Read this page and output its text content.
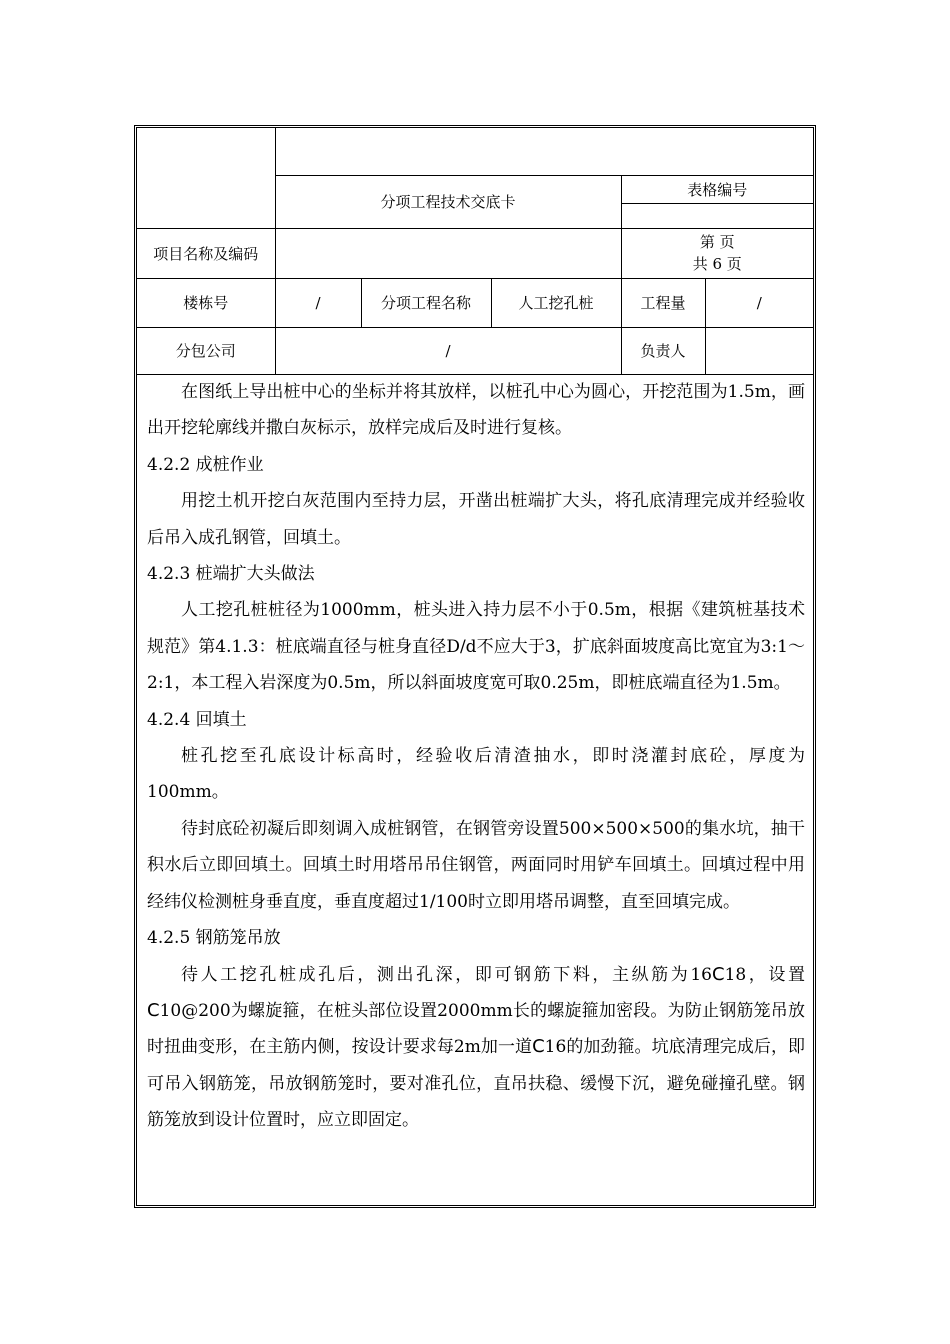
	分项工程技术交底卡			表格编号	

项目名称及编码				第 页
共 6 页	

楼栋号	/	分项工程名称	人工挖孔桩	工程量	/
分包公司	/			负责人	

在图纸上导出桩中心的坐标并将其放样，以桩孔中心为圆心，开挖范围为1.5m，画出开挖轮廓线并撒白灰标示，放样完成后及时进行复核。

4.2.2 成桩作业

用挖土机开挖白灰范围内至持力层，开凿出桩端扩大头，将孔底清理完成并经验收后吊入成孔钢管，回填土。

4.2.3 桩端扩大头做法

人工挖孔桩桩径为1000mm，桩头进入持力层不小于0.5m，根据《建筑桩基技术规范》第4.1.3：桩底端直径与桩身直径D/d不应大于3，扩底斜面坡度高比宽宜为3:1～2:1，本工程入岩深度为0.5m，所以斜面坡度宽可取0.25m，即桩底端直径为1.5m。

4.2.4 回填土

桩孔挖至孔底设计标高时，经验收后清渣抽水，即时浇灌封底砼，厚度为100mm。

待封底砼初凝后即刻调入成桩钢管，在钢管旁设置500×500×500的集水坑，抽干积水后立即回填土。回填土时用塔吊吊住钢管，两面同时用铲车回填土。回填过程中用经纬仪检测桩身垂直度，垂直度超过1/100时立即用塔吊调整，直至回填完成。

4.2.5 钢筋笼吊放

待人工挖孔桩成孔后，测出孔深，即可钢筋下料，主纵筋为16C18，设置C10@200为螺旋箍，在桩头部位设置2000mm长的螺旋箍加密段。为防止钢筋笼吊放时扭曲变形，在主筋内侧，按设计要求每2m加一道C16的加劲箍。坑底清理完成后，即可吊入钢筋笼，吊放钢筋笼时，要对准孔位，直吊扶稳、缓慢下沉，避免碰撞孔壁。钢筋笼放到设计位置时，应立即固定。
